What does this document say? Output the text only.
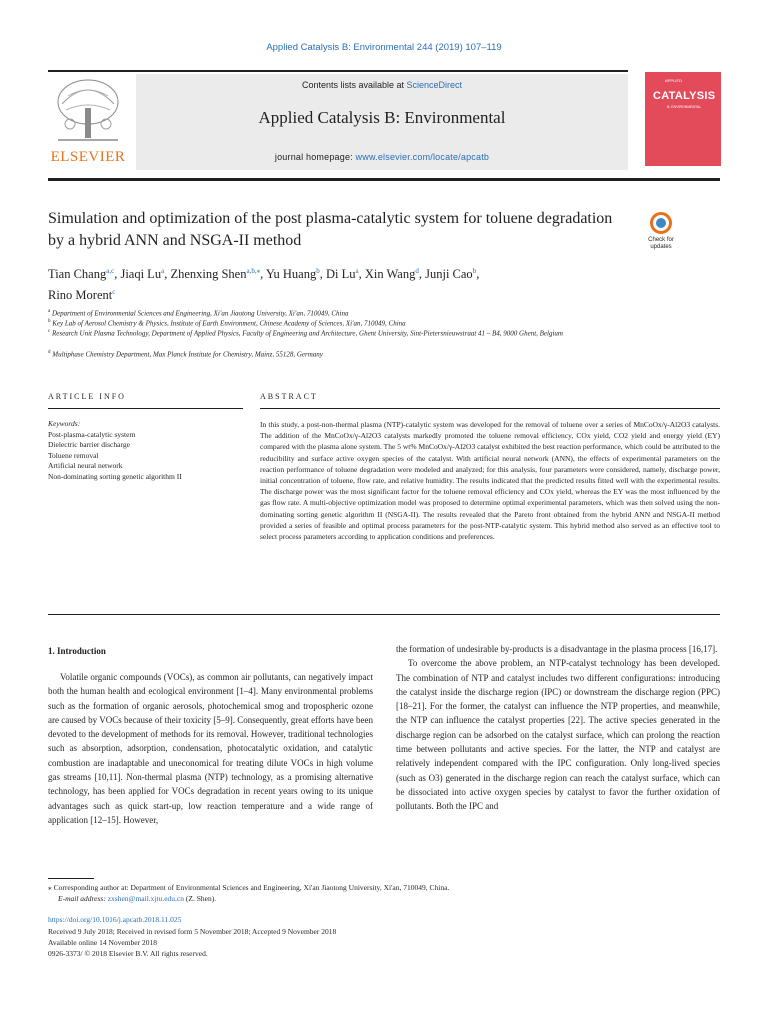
Applied Catalysis B: Environmental 244 (2019) 107–119
ELSEVIER
Contents lists available at ScienceDirect
Applied Catalysis B: Environmental
journal homepage: www.elsevier.com/locate/apcatb
APPLIED
CATALYSIS
B: ENVIRONMENTAL
Simulation and optimization of the post plasma-catalytic system for toluene degradation by a hybrid ANN and NSGA-II method	Check for updates
Tian Chang$^{a,c}$, Jiaqi Lu$^a$, Zhenxing Shen$^{a,b,⁎}$, Yu Huang$^b$, Di Lu$^a$, Xin Wang$^d$, Junji Cao$^b$,
Rino Morent$^c$
$^a$ Department of Environmental Sciences and Engineering, Xi'an Jiaotong University, Xi'an, 710049, China
$^b$ Key Lab of Aerosol Chemistry & Physics, Institute of Earth Environment, Chinese Academy of Sciences, Xi'an, 710049, China
$^c$ Research Unit Plasma Technology, Department of Applied Physics, Faculty of Engineering and Architecture, Ghent University, Sint-Pietersnieuwstraat 41 – B4, 9000 Ghent, Belgium
$^d$ Multiphase Chemistry Department, Max Planck Institute for Chemistry, Mainz, 55128, Germany
ARTICLE INFO	ABSTRACT
Keywords:
Post-plasma-catalytic system
Dielectric barrier discharge
Toluene removal
Artificial neural network
Non-dominating sorting genetic algorithm II
In this study, a post-non-thermal plasma (NTP)-catalytic system was developed for the removal of toluene over a series of MnCoOx/γ-Al2O3 catalysts. The addition of the MnCoOx/γ-Al2O3 catalysts markedly promoted the toluene removal efficiency, COx yield, CO2 yield and energy yield (EY) compared with the plasma alone system. The 5 wt% MnCoOx/γ-Al2O3 catalyst exhibited the best reaction performance, which could be attributed to the reducibility and surface active oxygen species of the catalyst. With artificial neural network (ANN), the effects of experimental parameters on the reaction performance of toluene degradation were modeled and analyzed; for this analysis, four parameters were considered, namely, discharge power, initial concentration of toluene, flow rate, and relative humidity. The results indicated that the predicted results fitted well with the experimental results. The discharge power was the most significant factor for the toluene removal efficiency and COx yield, whereas the EY was the most influenced by the gas flow rate. A multi-objective optimization model was proposed to determine optimal experimental parameters, which was then solved using the non-dominating sorting genetic algorithm II (NSGA-II). The results revealed that the Pareto front obtained from the hybrid ANN and NSGA-II method provided a series of feasible and optimal process parameters for the post-NTP-catalytic system. This hybrid method also served as an effective tool to select process parameters according to application conditions and preferences.
1. Introduction

Volatile organic compounds (VOCs), as common air pollutants, can negatively impact both the human health and ecological environment [1–4]. Many environmental problems such as the formation of organic aerosols, photochemical smog and tropospheric ozone are caused by VOCs because of their toxicity [5–9]. Consequently, great efforts have been devoted to the development of methods for its removal. However, traditional technologies such as absorption, adsorption, condensation, photocatalytic oxidation, and catalytic combustion are inadaptable and uneconomical for treating dilute VOCs in high volume gas streams [10,11]. Non-thermal plasma (NTP) technology, as a promising alternative technology, has been applied for VOCs degradation in recent years owing to its unique advantages such as quick start-up, low reaction temperature and a wide range of application [12–15]. However,

the formation of undesirable by-products is a disadvantage in the plasma process [16,17].

To overcome the above problem, an NTP-catalyst technology has been developed. The combination of NTP and catalyst includes two different configurations: introducing the catalyst inside the discharge region (IPC) or downstream the discharge region (PPC) [18–21]. For the former, the catalyst can influence the NTP properties, and meanwhile, the NTP can influence the catalyst properties [22]. The active species generated in the discharge region can be adsorbed on the catalyst surface, which can prolong the reaction time between pollutants and active species. For the latter, the NTP and catalyst are relatively independent compared with the IPC configuration. Only long-lived species (such as O3) generated in the discharge region can reach the catalyst surface, which can be dissociated into active oxygen species by catalyst to favor the further oxidation of pollutants. Both the IPC and

⁎ Corresponding author at: Department of Environmental Sciences and Engineering, Xi'an Jiaotong University, Xi'an, 710049, China.
E-mail address: zxshen@mail.xjtu.edu.cn (Z. Shen).
https://doi.org/10.1016/j.apcatb.2018.11.025
Received 9 July 2018; Received in revised form 5 November 2018; Accepted 9 November 2018
Available online 14 November 2018
0926-3373/ © 2018 Elsevier B.V. All rights reserved.
